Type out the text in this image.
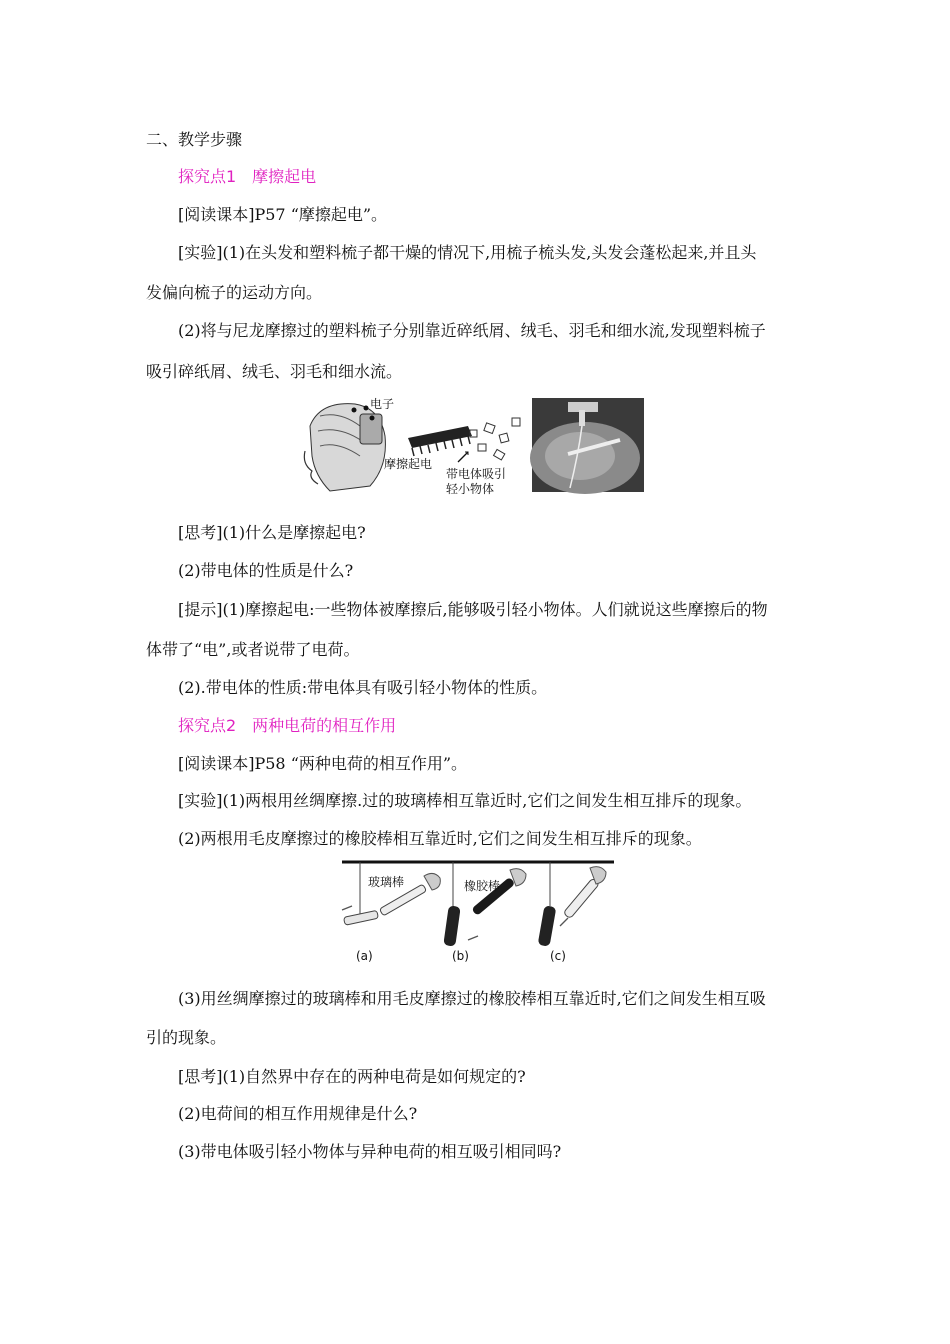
二、教学步骤
探究点1　摩擦起电
[阅读课本]P57 “摩擦起电”。
[实验](1)在头发和塑料梳子都干燥的情况下,用梳子梳头发,头发会蓬松起来,并且头
发偏向梳子的运动方向。
(2)将与尼龙摩擦过的塑料梳子分别靠近碎纸屑、绒毛、羽毛和细水流,发现塑料梳子
吸引碎纸屑、绒毛、羽毛和细水流。
电子
摩擦起电
带电体吸引
轻小物体
[思考](1)什么是摩擦起电?
(2)带电体的性质是什么?
[提示](1)摩擦起电:一些物体被摩擦后,能够吸引轻小物体。人们就说这些摩擦后的物
体带了“电”,或者说带了电荷。
(2).带电体的性质:带电体具有吸引轻小物体的性质。
探究点2　两种电荷的相互作用
[阅读课本]P58 “两种电荷的相互作用”。
[实验](1)两根用丝绸摩擦.过的玻璃棒相互靠近时,它们之间发生相互排斥的现象。
(2)两根用毛皮摩擦过的橡胶棒相互靠近时,它们之间发生相互排斥的现象。
玻璃棒	橡胶棒
(a)	(b)	(c)
(3)用丝绸摩擦过的玻璃棒和用毛皮摩擦过的橡胶棒相互靠近时,它们之间发生相互吸
引的现象。
[思考](1)自然界中存在的两种电荷是如何规定的?
(2)电荷间的相互作用规律是什么?
(3)带电体吸引轻小物体与异种电荷的相互吸引相同吗?
